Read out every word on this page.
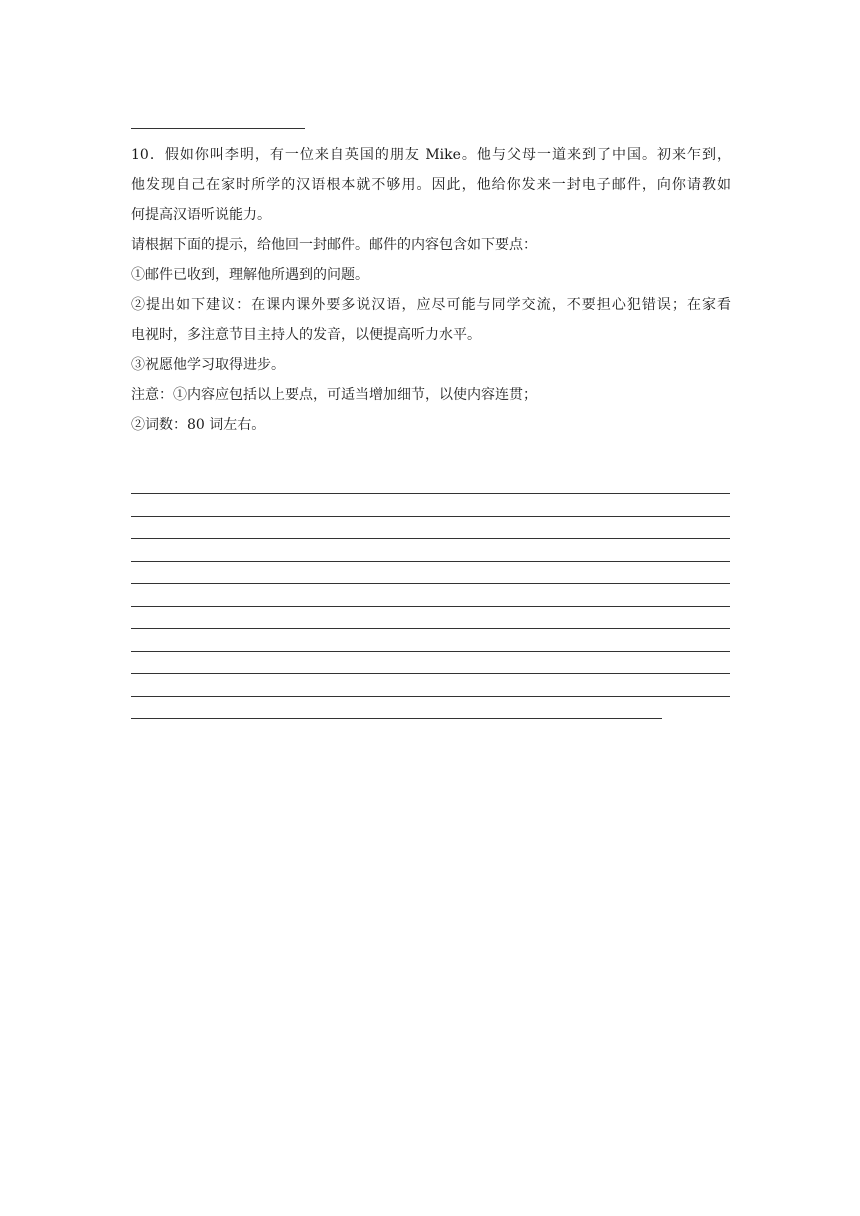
10．假如你叫李明，有一位来自英国的朋友 Mike。他与父母一道来到了中国。初来乍到，

他发现自己在家时所学的汉语根本就不够用。因此，他给你发来一封电子邮件，向你请教如

何提高汉语听说能力。

请根据下面的提示，给他回一封邮件。邮件的内容包含如下要点：

①邮件已收到，理解他所遇到的问题。

②提出如下建议：在课内课外要多说汉语，应尽可能与同学交流，不要担心犯错误；在家看

电视时，多注意节目主持人的发音，以便提高听力水平。

③祝愿他学习取得进步。

注意：①内容应包括以上要点，可适当增加细节，以使内容连贯；

②词数：80 词左右。
